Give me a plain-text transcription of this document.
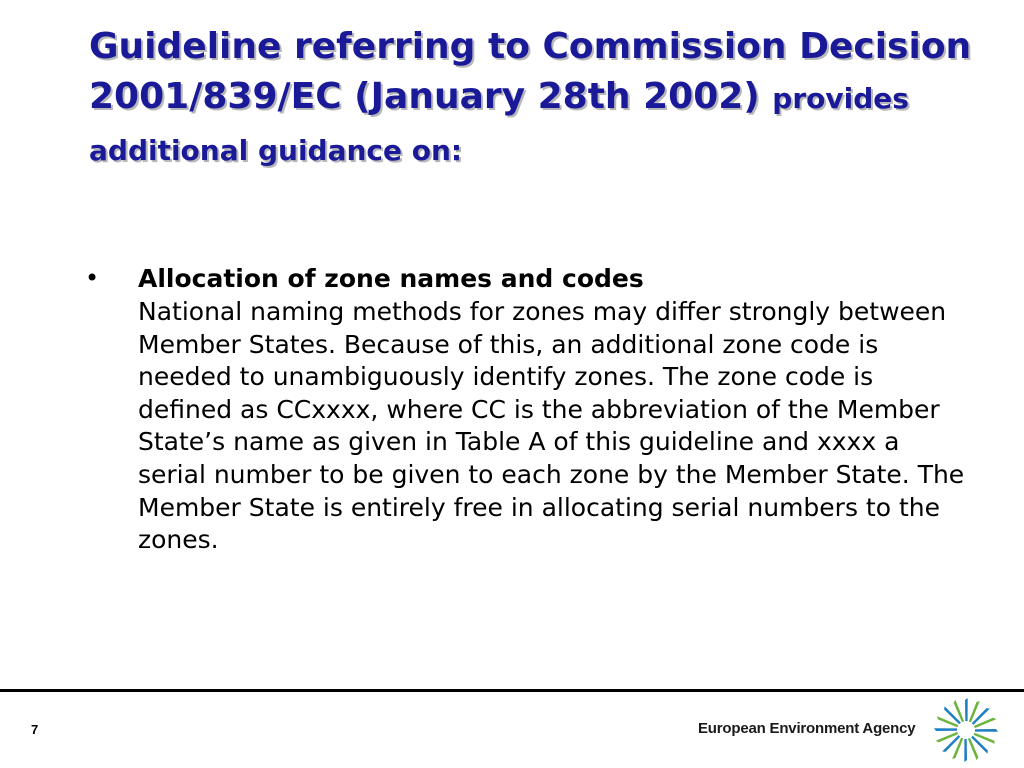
Guideline referring to Commission Decision 2001/839/EC (January 28th 2002) provides additional guidance on:
• Allocation of zone names and codes
National naming methods for zones may differ strongly between Member States. Because of this, an additional zone code is needed to unambiguously identify zones. The zone code is defined as CCxxxx, where CC is the abbreviation of the Member State’s name as given in Table A of this guideline and xxxx a serial number to be given to each zone by the Member State. The Member State is entirely free in allocating serial numbers to the zones.
7	European Environment Agency
